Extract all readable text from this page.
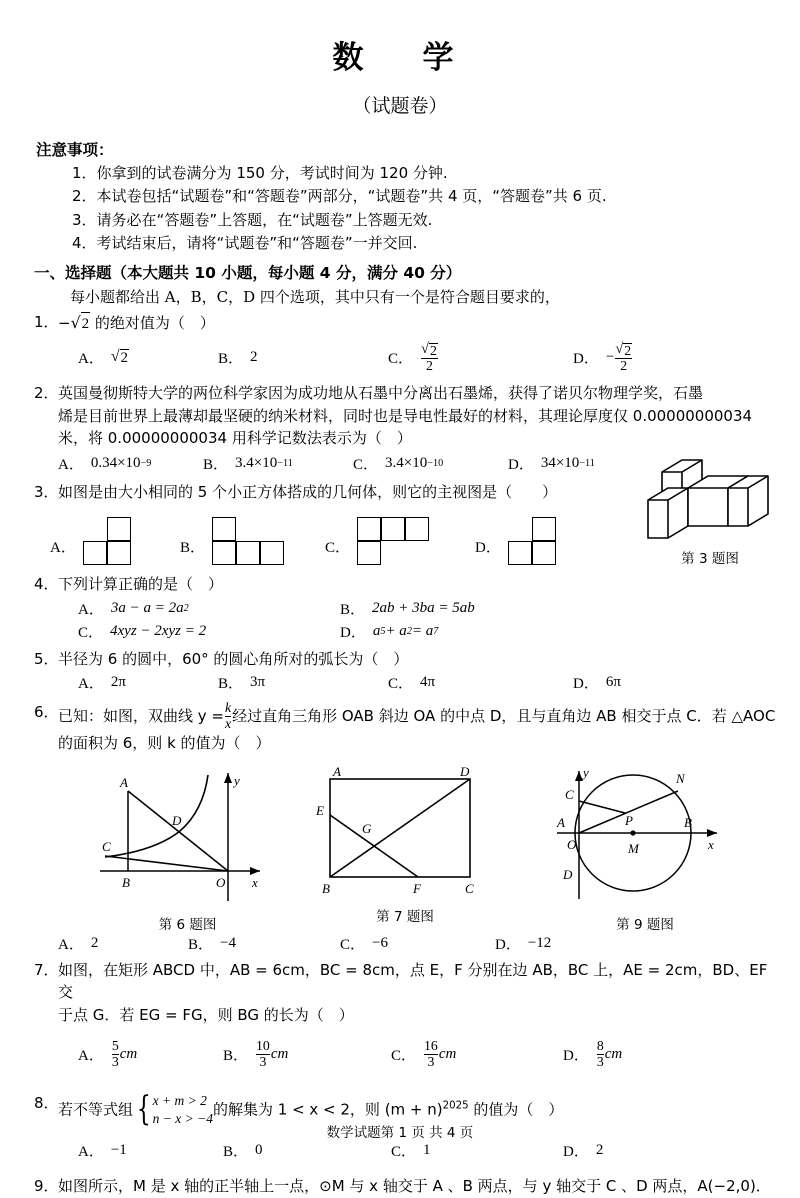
数　学
（试题卷）
注意事项：
1．你拿到的试卷满分为 150 分，考试时间为 120 分钟.
2．本试卷包括“试题卷”和“答题卷”两部分，“试题卷”共 4 页，“答题卷”共 6 页.
3．请务必在“答题卷”上答题，在“试题卷”上答题无效.
4．考试结束后，请将“试题卷”和“答题卷”一并交回.
一、选择题（本大题共 10 小题，每小题 4 分，满分 40 分）
每小题都给出 A，B，C，D 四个选项，其中只有一个是符合题目要求的，
1． − √ 2 的绝对值为（　）
A． √ 2	B． 2	C． $\frac{√ 2}{2}$	D． − $\frac{√ 2}{2}$
2． 英国曼彻斯特大学的两位科学家因为成功地从石墨中分离出石墨烯，获得了诺贝尔物理学奖，石墨
烯是目前世界上最薄却最坚硬的纳米材料，同时也是导电性最好的材料，其理论厚度仅 0.00000000034
米，将 0.00000000034 用科学记数法表示为（　）
A． 0.34×10 −9	B． 3.4×10 −11	C． 3.4×10 −10	D． 34×10 −11
3． 如图是由大小相同的 5 个小正方体搭成的几何体，则它的主视图是（　　）
A．	B．	C．	D．
第 3 题图
4． 下列计算正确的是（　）
A． 3a − a = 2a 2	B． 2ab + 3ba = 5ab
C． 4xyz − 2xyz = 2	D． a 5 + a 2 = a 7
5． 半径为 6 的圆中，60° 的圆心角所对的弧长为（　）
A． 2π	B． 3π	C． 4π	D． 6π
6． 已知：如图，双曲线 $y = \frac{k}{x}$ 经过直角三角形 OAB 斜边 OA 的中点 D，且与直角边 AB 相交于点 C．若 △AOC
的面积为 6，则 k 的值为（　）
A
D
C
B	O x
y
第 6 题图
A	D
E
G
B	F	C
第 7 题图
y	N
C
P
A	B
O	M
D
x
第 9 题图
A． 2	B． −4	C． −6	D． −12
7． 如图，在矩形 ABCD 中，AB = 6cm，BC = 8cm，点 E，F 分别在边 AB，BC 上，AE = 2cm，BD、EF 交
于点 G．若 EG = FG，则 BG 的长为（　）
A． $\frac{5}{3}$ cm	B． $\frac{10}{3}$ cm	C． $\frac{16}{3}$ cm	D． $\frac{8}{3}$ cm
8． 若不等式组 { x + m > 2
n − x > −4 的解集为 1 < x < 2，则 $(m + n)^{2025}$ 的值为（　）
A． −1	B． 0	C． 1	D． 2
9． 如图所示，M 是 x 轴的正半轴上一点，⊙M 与 x 轴交于 A 、B 两点，与 y 轴交于 C 、D 两点，A(−2,0)．
数学试题第 1 页 共 4 页
